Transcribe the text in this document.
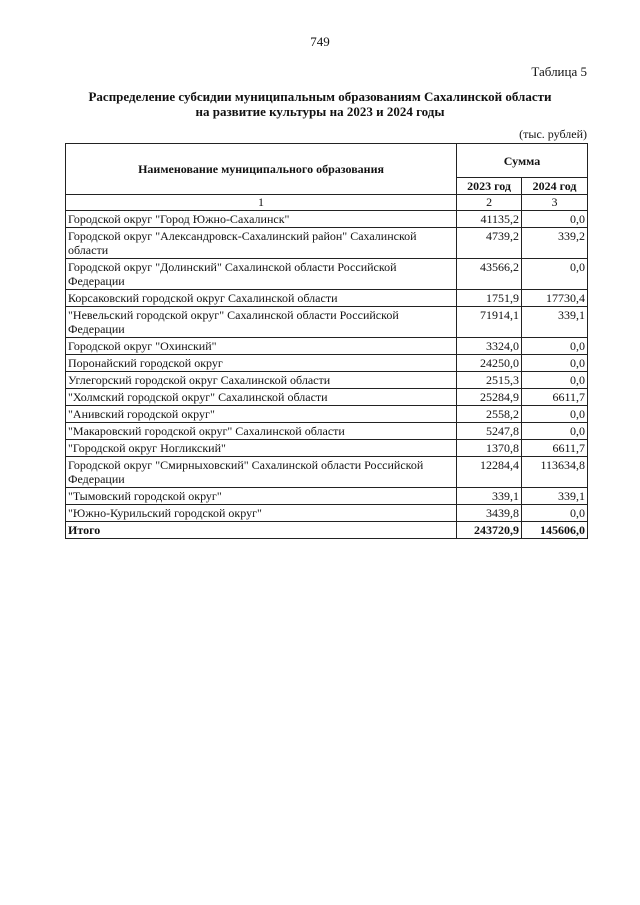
749
Таблица 5
Распределение субсидии муниципальным образованиям Сахалинской области
на развитие культуры на 2023 и 2024 годы
(тыс. рублей)
Наименование муниципального образования	Сумма	
	2023 год	2024 год
1	2	3
Городской округ "Город Южно-Сахалинск"	41135,2	0,0
Городской округ "Александровск-Сахалинский район" Сахалинской области	4739,2	339,2
Городской округ "Долинский" Сахалинской области Российской Федерации	43566,2	0,0
Корсаковский городской округ Сахалинской области	1751,9	17730,4
"Невельский городской округ" Сахалинской области Российской Федерации	71914,1	339,1
Городской округ "Охинский"	3324,0	0,0
Поронайский городской округ	24250,0	0,0
Углегорский городской округ Сахалинской области	2515,3	0,0
"Холмский городской округ" Сахалинской области	25284,9	6611,7
"Анивский городской округ"	2558,2	0,0
"Макаровский городской округ" Сахалинской области	5247,8	0,0
"Городской округ Ногликский"	1370,8	6611,7
Городской округ "Смирныховский" Сахалинской области Российской Федерации	12284,4	113634,8
"Тымовский городской округ"	339,1	339,1
"Южно-Курильский городской округ"	3439,8	0,0
Итого	243720,9	145606,0
